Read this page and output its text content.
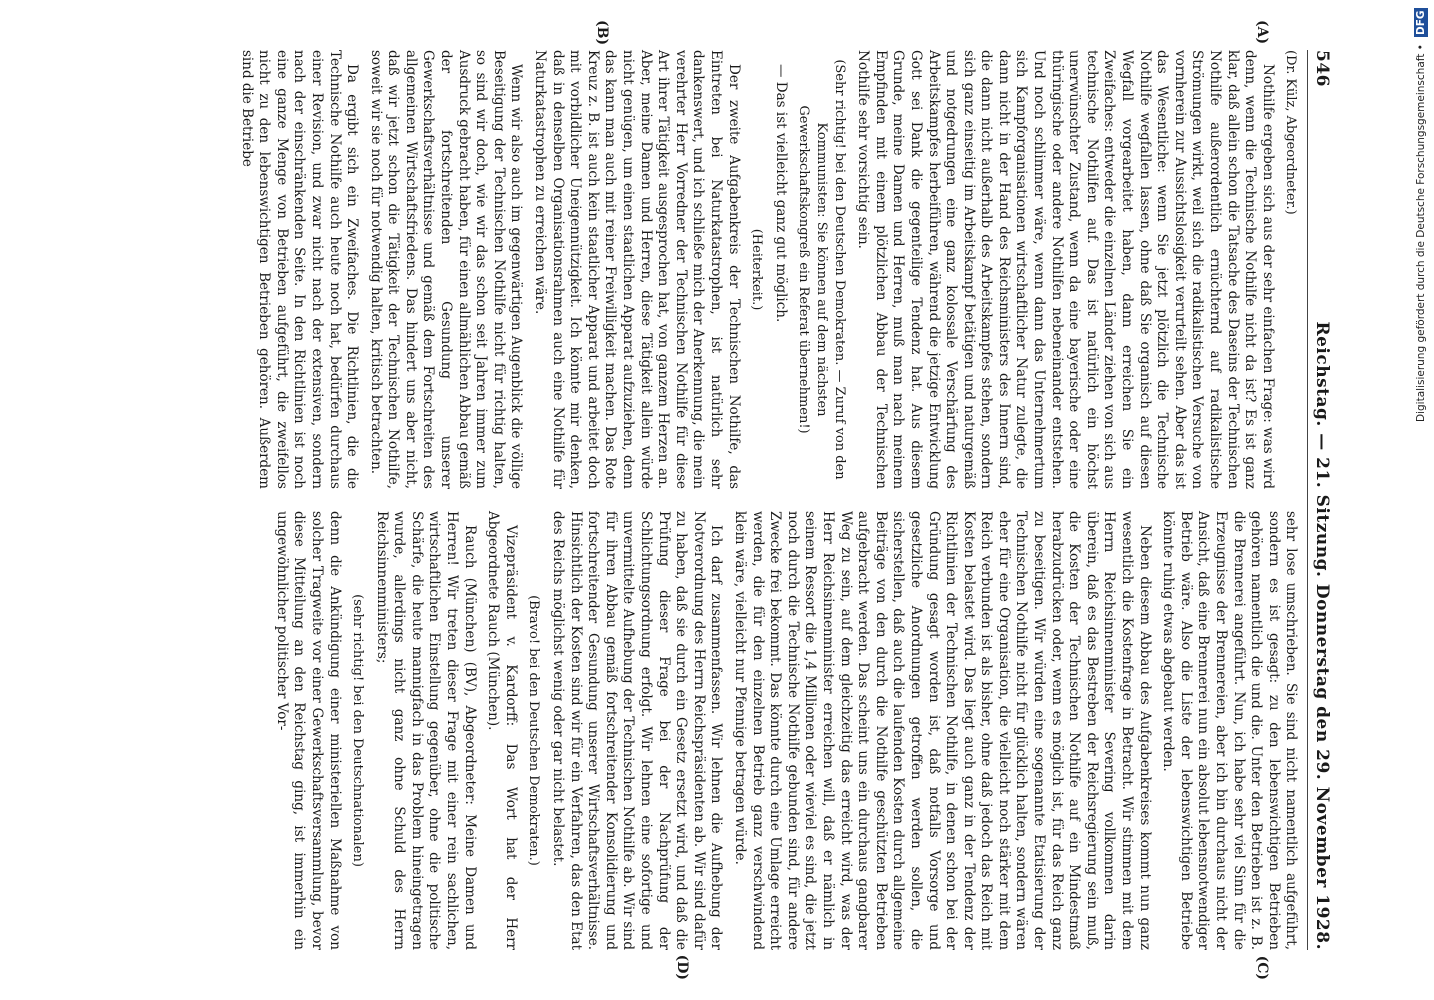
546
Reichstag. — 21. Sitzung. Donnerstag den 29. November 1928.
(A)
(B)
(C)
(D)

(Dr. Külz, Abgeordneter.)

Nothilfe ergeben sich aus der sehr einfachen Frage: was wird denn, wenn die Technische Nothilfe nicht da ist? Es ist ganz klar, daß allein schon die Tatsache des Daseins der Technischen Nothilfe außerordentlich ernüchternd auf radikalistische Strömungen wirkt, weil sich die radikalistischen Versuche von vornherein zur Aussichtslosigkeit verurteilt sehen. Aber das ist das Wesentliche: wenn Sie jetzt plötzlich die Technische Nothilfe wegfallen lassen, ohne daß Sie organisch auf diesen Wegfall vorgearbeitet haben, dann erreichen Sie ein Zweifaches: entweder die einzelnen Länder ziehen von sich aus technische Nothilfen auf. Das ist natürlich ein höchst unerwünschter Zustand, wenn da eine bayerische oder eine thüringische oder andere Nothilfen nebeneinander entstehen. Und noch schlimmer wäre, wenn dann das Unternehmertum sich Kampforganisationen wirtschaftlicher Natur zulegte, die dann nicht in der Hand des Reichsministers des Innern sind, die dann nicht außerhalb des Arbeitskampfes stehen, sondern sich ganz einseitig im Arbeitskampf betätigen und naturgemäß und notgedrungen eine ganz kolossale Verschärfung des Arbeitskampfes herbeiführen, während die jetzige Entwicklung Gott sei Dank die gegenteilige Tendenz hat. Aus diesem Grunde, meine Damen und Herren, muß man nach meinem Empfinden mit einem plötzlichen Abbau der Technischen Nothilfe sehr vorsichtig sein.

(Sehr richtig! bei den Deutschen Demokraten. — Zuruf von den Kommunisten: Sie können auf dem nächsten Gewerkschaftskongreß ein Referat übernehmen!)

— Das ist vielleicht ganz gut möglich.

(Heiterkeit.)

Der zweite Aufgabenkreis der Technischen Nothilfe, das Eintreten bei Naturkatastrophen, ist natürlich sehr dankenswert, und ich schließe mich der Anerkennung, die mein verehrter Herr Vorredner der Technischen Nothilfe für diese Art ihrer Tätigkeit ausgesprochen hat, von ganzem Herzen an. Aber, meine Damen und Herren, diese Tätigkeit allein würde nicht genügen, um einen staatlichen Apparat aufzuziehen, denn das kann man auch mit reiner Freiwilligkeit machen. Das Rote Kreuz z. B. ist auch kein staatlicher Apparat und arbeitet doch mit vorbildlicher Uneigennützigkeit. Ich könnte mir denken, daß in denselben Organisationsrahmen auch eine Nothilfe für Naturkatastrophen zu erreichen wäre.

Wenn wir also auch im gegenwärtigen Augenblick die völlige Beseitigung der Technischen Nothilfe nicht für richtig halten, so sind wir doch, wie wir das schon seit Jahren immer zum Ausdruck gebracht haben, für einen allmählichen Abbau gemäß der fortschreitenden Gesundung unserer Gewerkschaftsverhältnisse und gemäß dem Fortschreiten des allgemeinen Wirtschaftsfriedens. Das hindert uns aber nicht, daß wir jetzt schon die Tätigkeit der Technischen Nothilfe, soweit wir sie noch für notwendig halten, kritisch betrachten.

Da ergibt sich ein Zweifaches. Die Richtlinien, die die Technische Nothilfe auch heute noch hat, bedürfen durchaus einer Revision, und zwar nicht nach der extensiven, sondern nach der einschränkenden Seite. In den Richtlinien ist noch eine ganze Menge von Betrieben aufgeführt, die zweifellos nicht zu den lebenswichtigen Betrieben gehören. Außerdem sind die Betriebe

sehr lose umschrieben. Sie sind nicht namentlich aufgeführt, sondern es ist gesagt: zu den lebenswichtigen Betrieben gehören namentlich die und die. Unter den Betrieben ist z. B. die Brennerei angeführt. Nun, ich habe sehr viel Sinn für die Erzeugnisse der Brennereien, aber ich bin durchaus nicht der Ansicht, daß eine Brennerei nun ein absolut lebensnotwendiger Betrieb wäre. Also die Liste der lebenswichtigen Betriebe könnte ruhig etwas abgebaut werden.

Neben diesem Abbau des Aufgabenkreises kommt nun ganz wesentlich die Kostenfrage in Betracht. Wir stimmen mit dem Herrn Reichsinnenminister Severing vollkommen darin überein, daß es das Bestreben der Reichsregierung sein muß, die Kosten der Technischen Nothilfe auf ein Mindestmaß herabzudrücken oder, wenn es möglich ist, für das Reich ganz zu beseitigen. Wir würden eine sogenannte Etatisierung der Technischen Nothilfe nicht für glücklich halten, sondern wären eher für eine Organisation, die vielleicht noch stärker mit dem Reich verbunden ist als bisher, ohne daß jedoch das Reich mit Kosten belastet wird. Das liegt auch ganz in der Tendenz der Richtlinien der Technischen Nothilfe, in denen schon bei der Gründung gesagt worden ist, daß notfalls Vorsorge und gesetzliche Anordnungen getroffen werden sollen, die sicherstellen, daß auch die laufenden Kosten durch allgemeine Beiträge von den durch die Nothilfe geschützten Betrieben aufgebracht werden. Das scheint uns ein durchaus gangbarer Weg zu sein, auf dem gleichzeitig das erreicht wird, was der Herr Reichsinnenminister erreichen will, daß er nämlich in seinem Ressort die 1,4 Millionen oder wieviel es sind, die jetzt noch durch die Technische Nothilfe gebunden sind, für andere Zwecke frei bekommt. Das könnte durch eine Umlage erreicht werden, die für den einzelnen Betrieb ganz verschwindend klein wäre, vielleicht nur Pfennige betragen würde.

Ich darf zusammenfassen. Wir lehnen die Aufhebung der Notverordnung des Herrn Reichspräsidenten ab. Wir sind dafür zu haben, daß sie durch ein Gesetz ersetzt wird, und daß die Prüfung dieser Frage bei der Nachprüfung der Schlichtungsordnung erfolgt. Wir lehnen eine sofortige und unvermittelte Aufhebung der Technischen Nothilfe ab. Wir sind für ihren Abbau gemäß fortschreitender Konsolidierung und fortschreitender Gesundung unserer Wirtschaftsverhältnisse. Hinsichtlich der Kosten sind wir für ein Verfahren, das den Etat des Reichs möglichst wenig oder gar nicht belastet.

(Bravo! bei den Deutschen Demokraten.)

Vizepräsident v. Kardorff: Das Wort hat der Herr Abgeordnete Rauch (München).

Rauch (München) (BV), Abgeordneter: Meine Damen und Herren! Wir treten dieser Frage mit einer rein sachlichen, wirtschaftlichen Einstellung gegenüber, ohne die politische Schärfe, die heute mannigfach in das Problem hineingetragen wurde, allerdings nicht ganz ohne Schuld des Herrn Reichsinnenministers;

(sehr richtig! bei den Deutschnationalen)

denn die Ankündigung einer ministeriellen Maßnahme von solcher Tragweite vor einer Gewerkschaftsversammlung, bevor diese Mitteilung an den Reichstag ging, ist immerhin ein ungewöhnlicher politischer Vor-

Digitalisierung gefördert durch die Deutsche Forschungsgemeinschaft • DFG
